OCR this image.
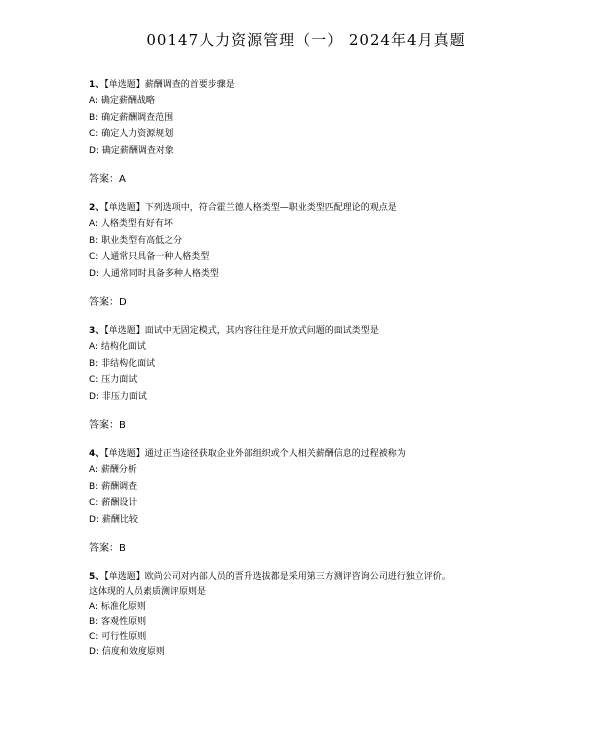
00147人力资源管理（一） 2024年4月真题
1、【单选题】薪酬调查的首要步骤是
A: 确定薪酬战略
B: 确定薪酬调查范围
C: 确定人力资源规划
D: 确定薪酬调查对象
答案：A
2、【单选题】下列选项中，符合霍兰德人格类型—职业类型匹配理论的观点是
A: 人格类型有好有坏
B: 职业类型有高低之分
C: 人通常只具备一种人格类型
D: 人通常同时具备多种人格类型
答案：D
3、【单选题】面试中无固定模式，其内容往往是开放式问题的面试类型是
A: 结构化面试
B: 非结构化面试
C: 压力面试
D: 非压力面试
答案：B
4、【单选题】通过正当途径获取企业外部组织或个人相关薪酬信息的过程被称为
A: 薪酬分析
B: 薪酬调查
C: 薪酬设计
D: 薪酬比较
答案：B
5、【单选题】欧尚公司对内部人员的晋升选拔都是采用第三方测评咨询公司进行独立评价。
这体现的人员素质测评原则是
A: 标准化原则
B: 客观性原则
C: 可行性原则
D: 信度和效度原则
